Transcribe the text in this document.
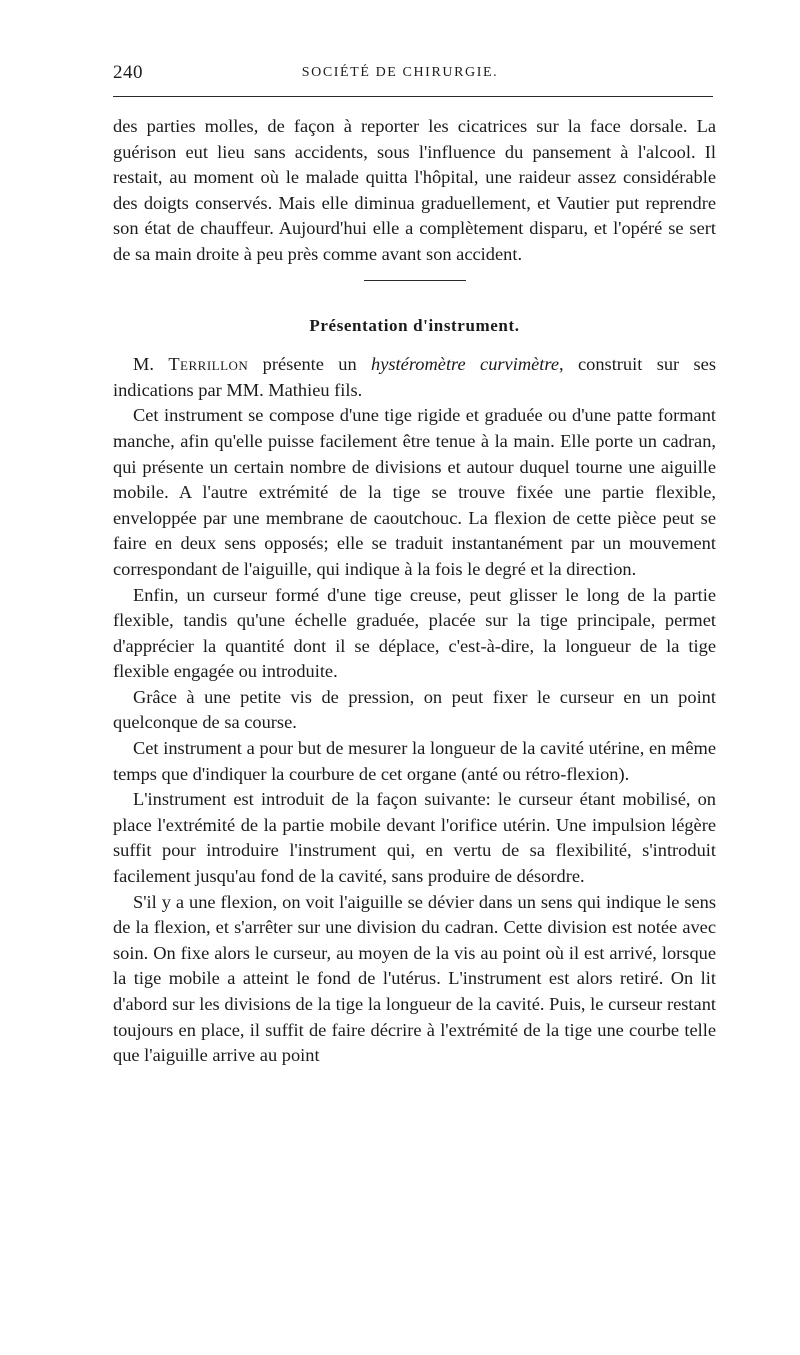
240	SOCIÉTÉ DE CHIRURGIE.

des parties molles, de façon à reporter les cicatrices sur la face dorsale. La guérison eut lieu sans accidents, sous l'influence du pansement à l'alcool. Il restait, au moment où le malade quitta l'hôpital, une raideur assez considérable des doigts conservés. Mais elle diminua graduellement, et Vautier put reprendre son état de chauffeur. Aujourd'hui elle a complètement disparu, et l'opéré se sert de sa main droite à peu près comme avant son accident.

Présentation d'instrument.

M. Terrillon présente un hystéromètre curvimètre, construit sur ses indications par MM. Mathieu fils.

Cet instrument se compose d'une tige rigide et graduée ou d'une patte formant manche, afin qu'elle puisse facilement être tenue à la main. Elle porte un cadran, qui présente un certain nombre de divisions et autour duquel tourne une aiguille mobile. A l'autre extrémité de la tige se trouve fixée une partie flexible, enveloppée par une membrane de caoutchouc. La flexion de cette pièce peut se faire en deux sens opposés; elle se traduit instantanément par un mouvement correspondant de l'aiguille, qui indique à la fois le degré et la direction.

Enfin, un curseur formé d'une tige creuse, peut glisser le long de la partie flexible, tandis qu'une échelle graduée, placée sur la tige principale, permet d'apprécier la quantité dont il se déplace, c'est-à-dire, la longueur de la tige flexible engagée ou introduite.

Grâce à une petite vis de pression, on peut fixer le curseur en un point quelconque de sa course.

Cet instrument a pour but de mesurer la longueur de la cavité utérine, en même temps que d'indiquer la courbure de cet organe (anté ou rétro-flexion).

L'instrument est introduit de la façon suivante: le curseur étant mobilisé, on place l'extrémité de la partie mobile devant l'orifice utérin. Une impulsion légère suffit pour introduire l'instrument qui, en vertu de sa flexibilité, s'introduit facilement jusqu'au fond de la cavité, sans produire de désordre.

S'il y a une flexion, on voit l'aiguille se dévier dans un sens qui indique le sens de la flexion, et s'arrêter sur une division du cadran. Cette division est notée avec soin. On fixe alors le curseur, au moyen de la vis au point où il est arrivé, lorsque la tige mobile a atteint le fond de l'utérus. L'instrument est alors retiré. On lit d'abord sur les divisions de la tige la longueur de la cavité. Puis, le curseur restant toujours en place, il suffit de faire décrire à l'extrémité de la tige une courbe telle que l'aiguille arrive au point
